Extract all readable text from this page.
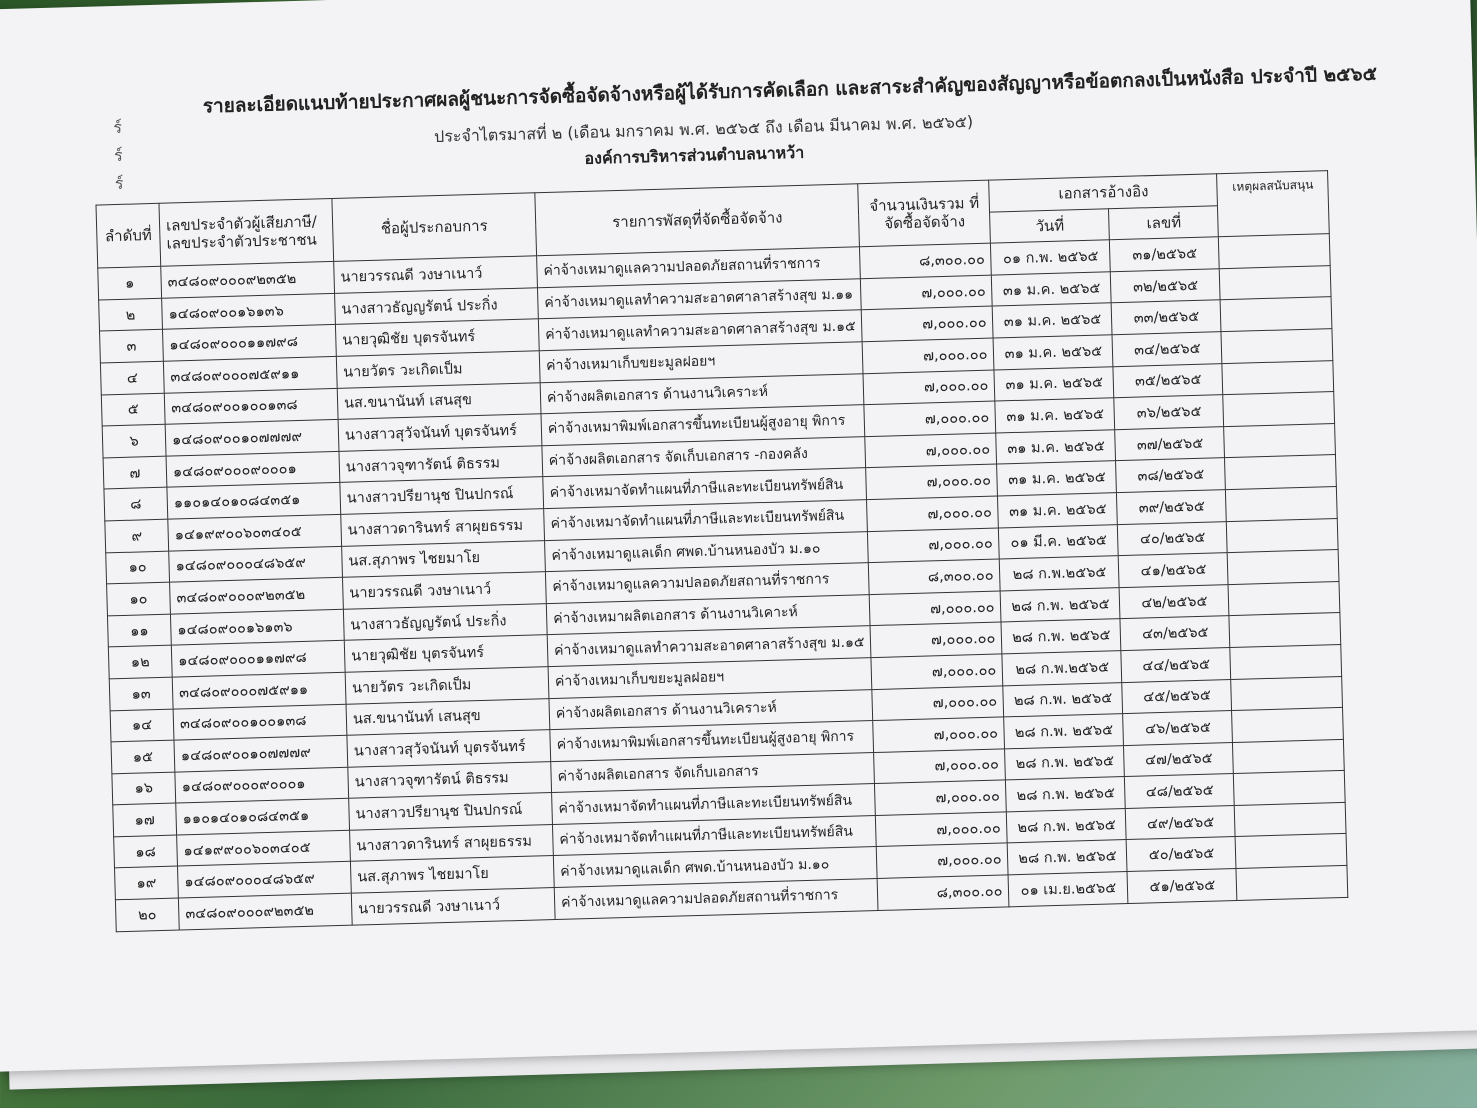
ร์
ร์
ร์
รายละเอียดแนบท้ายประกาศผลผู้ชนะการจัดซื้อจัดจ้างหรือผู้ได้รับการคัดเลือก และสาระสำคัญของสัญญาหรือข้อตกลงเป็นหนังสือ ประจำปี ๒๕๖๕
ประจำไตรมาสที่ ๒ (เดือน มกราคม พ.ศ. ๒๕๖๕ ถึง เดือน มีนาคม พ.ศ. ๒๕๖๕)
องค์การบริหารส่วนตำบลนาหว้า
ลำดับที่	เลขประจำตัวผู้เสียภาษี/ เลขประจำตัวประชาชน	ชื่อผู้ประกอบการ	รายการพัสดุที่จัดซื้อจัดจ้าง	จำนวนเงินรวม ที่จัดซื้อจัดจ้าง	เอกสารอ้างอิง		เหตุผลสนับสนุน
					วันที่	เลขที่	
๑	๓๔๘๐๙๐๐๐๙๒๓๕๒	นายวรรณดี วงษาเนาว์	ค่าจ้างเหมาดูแลความปลอดภัยสถานที่ราชการ	๘,๓๐๐.๐๐	๐๑ ก.พ. ๒๕๖๕	๓๑/๒๕๖๕	
๒	๑๔๘๐๙๐๐๑๖๑๓๖	นางสาวธัญญรัตน์ ประกิ่ง	ค่าจ้างเหมาดูแลทำความสะอาดศาลาสร้างสุข ม.๑๑	๗,๐๐๐.๐๐	๓๑ ม.ค. ๒๕๖๕	๓๒/๒๕๖๕	
๓	๑๔๘๐๙๐๐๐๑๑๗๙๘	นายวุฒิชัย บุตรจันทร์	ค่าจ้างเหมาดูแลทำความสะอาดศาลาสร้างสุข ม.๑๕	๗,๐๐๐.๐๐	๓๑ ม.ค. ๒๕๖๕	๓๓/๒๕๖๕	
๔	๓๔๘๐๙๐๐๐๗๕๙๑๑	นายวัตร วะเกิดเป็ม	ค่าจ้างเหมาเก็บขยะมูลฝอยฯ	๗,๐๐๐.๐๐	๓๑ ม.ค. ๒๕๖๕	๓๔/๒๕๖๕	
๕	๓๔๘๐๙๐๐๑๐๐๑๓๘	นส.ขนานันท์ เสนสุข	ค่าจ้างผลิตเอกสาร ด้านงานวิเคราะห์	๗,๐๐๐.๐๐	๓๑ ม.ค. ๒๕๖๕	๓๕/๒๕๖๕	
๖	๑๔๘๐๙๐๐๑๐๗๗๗๙	นางสาวสุวัจนันท์ บุตรจันทร์	ค่าจ้างเหมาพิมพ์เอกสารขึ้นทะเบียนผู้สูงอายุ พิการ	๗,๐๐๐.๐๐	๓๑ ม.ค. ๒๕๖๕	๓๖/๒๕๖๕	
๗	๑๔๘๐๙๐๐๐๙๐๐๐๑	นางสาวจุฑารัตน์ ติธรรม	ค่าจ้างผลิตเอกสาร จัดเก็บเอกสาร -กองคลัง	๗,๐๐๐.๐๐	๓๑ ม.ค. ๒๕๖๕	๓๗/๒๕๖๕	
๘	๑๑๐๑๔๐๑๐๘๔๓๕๑	นางสาวปรียานุช ปินปกรณ์	ค่าจ้างเหมาจัดทำแผนที่ภาษีและทะเบียนทรัพย์สิน	๗,๐๐๐.๐๐	๓๑ ม.ค. ๒๕๖๕	๓๘/๒๕๖๕	
๙	๑๔๑๙๙๐๐๖๐๓๔๐๕	นางสาวดารินทร์ สาผุยธรรม	ค่าจ้างเหมาจัดทำแผนที่ภาษีและทะเบียนทรัพย์สิน	๗,๐๐๐.๐๐	๓๑ ม.ค. ๒๕๖๕	๓๙/๒๕๖๕	
๑๐	๑๔๘๐๙๐๐๐๔๘๖๕๙	นส.สุภาพร ไชยมาโย	ค่าจ้างเหมาดูแลเด็ก ศพด.บ้านหนองบัว ม.๑๐	๗,๐๐๐.๐๐	๐๑ มี.ค. ๒๕๖๕	๔๐/๒๕๖๕	
๑๐	๓๔๘๐๙๐๐๐๙๒๓๕๒	นายวรรณดี วงษาเนาว์	ค่าจ้างเหมาดูแลความปลอดภัยสถานที่ราชการ	๘,๓๐๐.๐๐	๒๘ ก.พ.๒๕๖๕	๔๑/๒๕๖๕	
๑๑	๑๔๘๐๙๐๐๑๖๑๓๖	นางสาวธัญญรัตน์ ประกิ่ง	ค่าจ้างเหมาผลิตเอกสาร ด้านงานวิเคาะห์	๗,๐๐๐.๐๐	๒๘ ก.พ. ๒๕๖๕	๔๒/๒๕๖๕	
๑๒	๑๔๘๐๙๐๐๐๑๑๗๙๘	นายวุฒิชัย บุตรจันทร์	ค่าจ้างเหมาดูแลทำความสะอาดศาลาสร้างสุข ม.๑๕	๗,๐๐๐.๐๐	๒๘ ก.พ. ๒๕๖๕	๔๓/๒๕๖๕	
๑๓	๓๔๘๐๙๐๐๐๗๕๙๑๑	นายวัตร วะเกิดเป็ม	ค่าจ้างเหมาเก็บขยะมูลฝอยฯ	๗,๐๐๐.๐๐	๒๘ ก.พ.๒๕๖๕	๔๔/๒๕๖๕	
๑๔	๓๔๘๐๙๐๐๑๐๐๑๓๘	นส.ขนานันท์ เสนสุข	ค่าจ้างผลิตเอกสาร ด้านงานวิเคราะห์	๗,๐๐๐.๐๐	๒๘ ก.พ. ๒๕๖๕	๔๕/๒๕๖๕	
๑๕	๑๔๘๐๙๐๐๑๐๗๗๗๙	นางสาวสุวัจนันท์ บุตรจันทร์	ค่าจ้างเหมาพิมพ์เอกสารขึ้นทะเบียนผู้สูงอายุ พิการ	๗,๐๐๐.๐๐	๒๘ ก.พ. ๒๕๖๕	๔๖/๒๕๖๕	
๑๖	๑๔๘๐๙๐๐๐๙๐๐๐๑	นางสาวจุฑารัตน์ ติธรรม	ค่าจ้างผลิตเอกสาร จัดเก็บเอกสาร	๗,๐๐๐.๐๐	๒๘ ก.พ. ๒๕๖๕	๔๗/๒๕๖๕	
๑๗	๑๑๐๑๔๐๑๐๘๔๓๕๑	นางสาวปรียานุช ปินปกรณ์	ค่าจ้างเหมาจัดทำแผนที่ภาษีและทะเบียนทรัพย์สิน	๗,๐๐๐.๐๐	๒๘ ก.พ. ๒๕๖๕	๔๘/๒๕๖๕	
๑๘	๑๔๑๙๙๐๐๖๐๓๔๐๕	นางสาวดารินทร์ สาผุยธรรม	ค่าจ้างเหมาจัดทำแผนที่ภาษีและทะเบียนทรัพย์สิน	๗,๐๐๐.๐๐	๒๘ ก.พ. ๒๕๖๕	๔๙/๒๕๖๕	
๑๙	๑๔๘๐๙๐๐๐๔๘๖๕๙	นส.สุภาพร ไชยมาโย	ค่าจ้างเหมาดูแลเด็ก ศพด.บ้านหนองบัว ม.๑๐	๗,๐๐๐.๐๐	๒๘ ก.พ. ๒๕๖๕	๕๐/๒๕๖๕	
๒๐	๓๔๘๐๙๐๐๐๙๒๓๕๒	นายวรรณดี วงษาเนาว์	ค่าจ้างเหมาดูแลความปลอดภัยสถานที่ราชการ	๘,๓๐๐.๐๐	๐๑ เม.ย.๒๕๖๕	๕๑/๒๕๖๕	
